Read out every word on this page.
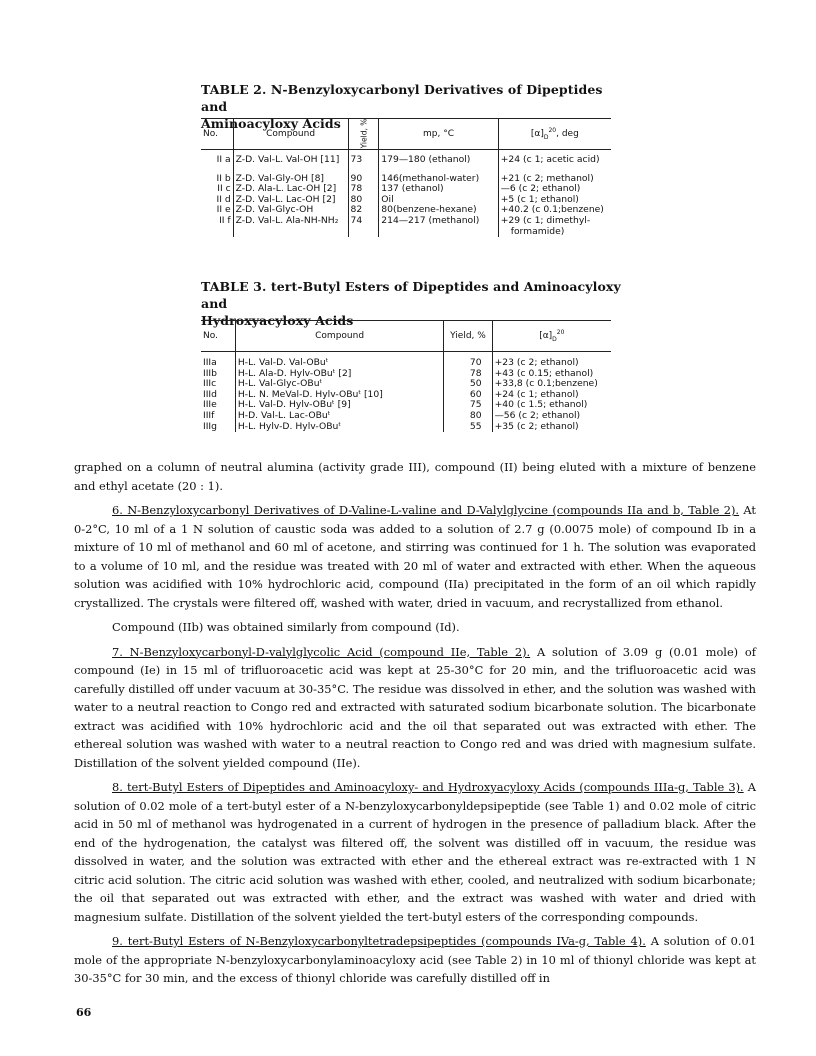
TABLE 2. N-Benzyloxycarbonyl Derivatives of Dipeptides and
Aminoacyloxy Acids
No.	Compound	Yield, %	mp, °C	$[\alpha]_D^{20}$, deg
II a	Z-D. Val-L. Val-OH [11]	73	179—180 (ethanol)	+24 (c 1; acetic acid)
II b	Z-D. Val-Gly-OH [8]	90	146(methanol-water)	+21 (c 2; methanol)
II c	Z-D. Ala-L. Lac-OH [2]	78	137 (ethanol)	—6 (c 2; ethanol)
II d	Z-D. Val-L. Lac-OH [2]	80	Oil	+5 (c 1; ethanol)
II e	Z-D. Val-Glyc-OH	82	80(benzene-hexane)	+40.2 (c 0.1;benzene)
II f	Z-D. Val-L. Ala-NH-NH₂	74	214—217 (methanol)	+29 (c 1; dimethyl-
formamide)
TABLE 3. tert-Butyl Esters of Dipeptides and Aminoacyloxy and
Hydroxyacyloxy Acids
No.	Compound	Yield, %	$[\alpha]_D^{20}$
IIIa	H-L. Val-D. Val-OBuᵗ	70	+23 (c 2; ethanol)
IIIb	H-L. Ala-D. Hylv-OBuᵗ [2]	78	+43 (c 0.15; ethanol)
IIIc	H-L. Val-Glyc-OBuᵗ	50	+33,8 (c 0.1;benzene)
IIId	H-L. N. MeVal-D. Hylv-OBuᵗ [10]	60	+24 (c 1; ethanol)
IIIe	H-L. Val-D. Hylv-OBuᵗ [9]	75	+40 (c 1.5; ethanol)
IIIf	H-D. Val-L. Lac-OBuᵗ	80	—56 (c 2; ethanol)
IIIg	H-L. Hylv-D. Hylv-OBuᵗ	55	+35 (c 2; ethanol)

graphed on a column of neutral alumina (activity grade III), compound (II) being eluted with a mixture of benzene and ethyl acetate (20 : 1).

6. N-Benzyloxycarbonyl Derivatives of D-Valine-L-valine and D-Valylglycine (compounds IIa and b, Table 2). At 0-2°C, 10 ml of a 1 N solution of caustic soda was added to a solution of 2.7 g (0.0075 mole) of compound Ib in a mixture of 10 ml of methanol and 60 ml of acetone, and stirring was continued for 1 h. The solution was evaporated to a volume of 10 ml, and the residue was treated with 20 ml of water and extracted with ether. When the aqueous solution was acidified with 10% hydrochloric acid, compound (IIa) precipitated in the form of an oil which rapidly crystallized. The crystals were filtered off, washed with water, dried in vacuum, and recrystallized from ethanol.

Compound (IIb) was obtained similarly from compound (Id).

7. N-Benzyloxycarbonyl-D-valylglycolic Acid (compound IIe, Table 2). A solution of 3.09 g (0.01 mole) of compound (Ie) in 15 ml of trifluoroacetic acid was kept at 25-30°C for 20 min, and the trifluoroacetic acid was carefully distilled off under vacuum at 30-35°C. The residue was dissolved in ether, and the solution was washed with water to a neutral reaction to Congo red and extracted with saturated sodium bicarbonate solution. The bicarbonate extract was acidified with 10% hydrochloric acid and the oil that separated out was extracted with ether. The ethereal solution was washed with water to a neutral reaction to Congo red and was dried with magnesium sulfate. Distillation of the solvent yielded compound (IIe).

8. tert-Butyl Esters of Dipeptides and Aminoacyloxy- and Hydroxyacyloxy Acids (compounds IIIa-g, Table 3). A solution of 0.02 mole of a tert-butyl ester of a N-benzyloxycarbonyldepsipeptide (see Table 1) and 0.02 mole of citric acid in 50 ml of methanol was hydrogenated in a current of hydrogen in the presence of palladium black. After the end of the hydrogenation, the catalyst was filtered off, the solvent was distilled off in vacuum, the residue was dissolved in water, and the solution was extracted with ether and the ethereal extract was re-extracted with 1 N citric acid solution. The citric acid solution was washed with ether, cooled, and neutralized with sodium bicarbonate; the oil that separated out was extracted with ether, and the extract was washed with water and dried with magnesium sulfate. Distillation of the solvent yielded the tert-butyl esters of the corresponding compounds.

9. tert-Butyl Esters of N-Benzyloxycarbonyltetradepsipeptides (compounds IVa-g, Table 4). A solution of 0.01 mole of the appropriate N-benzyloxycarbonylaminoacyloxy acid (see Table 2) in 10 ml of thionyl chloride was kept at 30-35°C for 30 min, and the excess of thionyl chloride was carefully distilled off in

66
